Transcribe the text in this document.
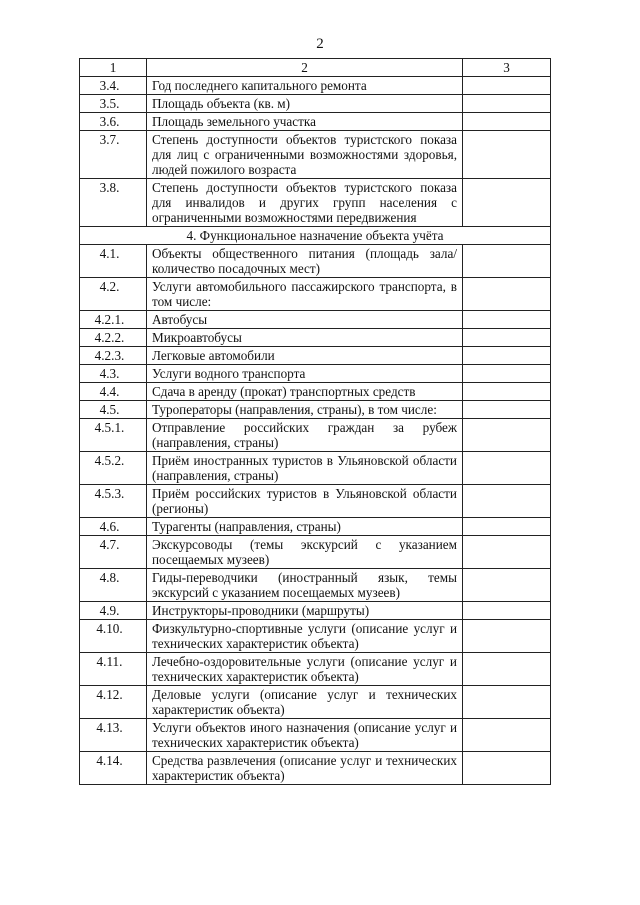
2
1	2	3
3.4.	Год последнего капитального ремонта	
3.5.	Площадь объекта (кв. м)	
3.6.	Площадь земельного участка	
3.7.	Степень доступности объектов туристского показа для лиц с ограниченными возможностями здоровья, людей пожилого возраста	
3.8.	Степень доступности объектов туристского показа для инвалидов и других групп населения с ограниченными возможностями передвижения	
4. Функциональное назначение объекта учёта		
4.1.	Объекты общественного питания (площадь зала/количество посадочных мест)	
4.2.	Услуги автомобильного пассажирского транспорта, в том числе:	
4.2.1.	Автобусы	
4.2.2.	Микроавтобусы	
4.2.3.	Легковые автомобили	
4.3.	Услуги водного транспорта	
4.4.	Сдача в аренду (прокат) транспортных средств	
4.5.	Туроператоры (направления, страны), в том числе:	
4.5.1.	Отправление российских граждан за рубеж (направления, страны)	
4.5.2.	Приём иностранных туристов в Ульяновской области (направления, страны)	
4.5.3.	Приём российских туристов в Ульяновской области (регионы)	
4.6.	Турагенты (направления, страны)	
4.7.	Экскурсоводы (темы экскурсий с указанием посещаемых музеев)	
4.8.	Гиды-переводчики (иностранный язык, темы экскурсий с указанием посещаемых музеев)	
4.9.	Инструкторы-проводники (маршруты)	
4.10.	Физкультурно-спортивные услуги (описание услуг и технических характеристик объекта)	
4.11.	Лечебно-оздоровительные услуги (описание услуг и технических характеристик объекта)	
4.12.	Деловые услуги (описание услуг и технических характеристик объекта)	
4.13.	Услуги объектов иного назначения (описание услуг и технических характеристик объекта)	
4.14.	Средства развлечения (описание услуг и технических характеристик объекта)	
